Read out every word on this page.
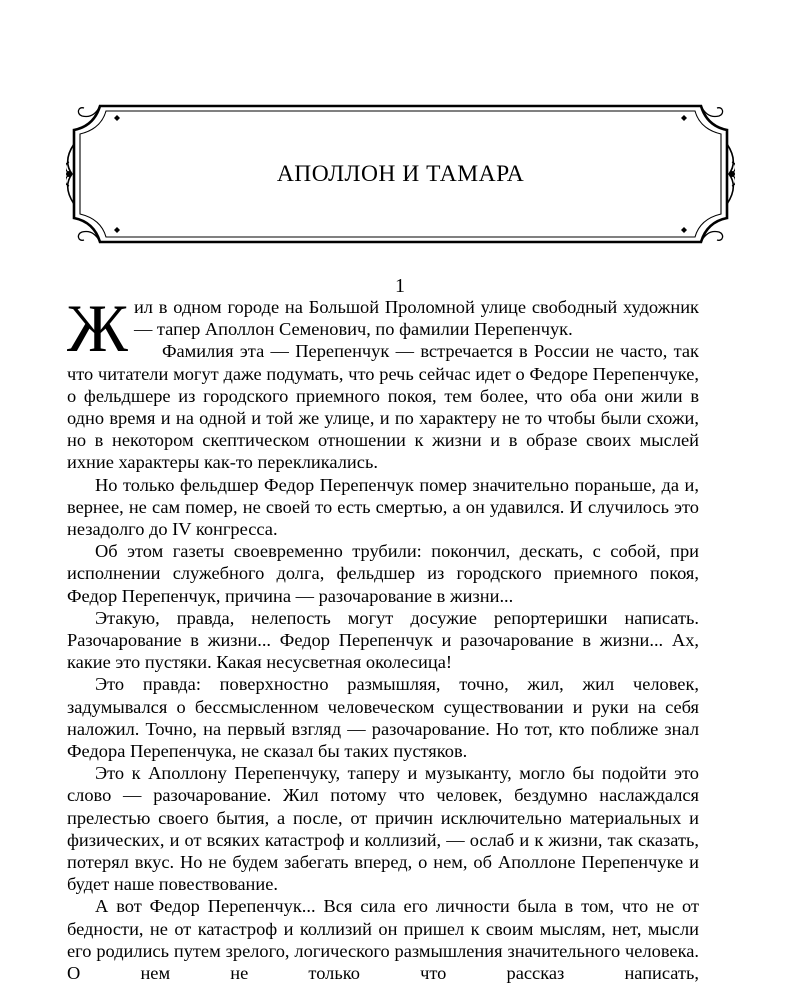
АПОЛЛОН И ТАМАРА
1
Жил в одном городе на Большой Проломной улице свободный художник — тапер Аполлон Семенович, по фамилии Перепенчук.
Фамилия эта — Перепенчук — встречается в России не часто, так что читатели могут даже подумать, что речь сейчас идет о Федоре Перепенчуке, о фельдшере из городского приемного покоя, тем более, что оба они жили в одно время и на одной и той же улице, и по характеру не то чтобы были схожи, но в некотором скептическом отношении к жизни и в образе своих мыслей ихние характеры как-то перекликались.
Но только фельдшер Федор Перепенчук помер значительно пораньше, да и, вернее, не сам помер, не своей то есть смертью, а он удавился. И случилось это незадолго до IV конгресса.
Об этом газеты своевременно трубили: покончил, дескать, с собой, при исполнении служебного долга, фельдшер из городского приемного покоя, Федор Перепенчук, причина — разочарование в жизни...
Этакую, правда, нелепость могут досужие репортеришки написать. Разочарование в жизни... Федор Перепенчук и разочарование в жизни... Ах, какие это пустяки. Какая несусветная околесица!
Это правда: поверхностно размышляя, точно, жил, жил человек, задумывался о бессмысленном человеческом существовании и руки на себя наложил. Точно, на первый взгляд — разочарование. Но тот, кто поближе знал Федора Перепенчука, не сказал бы таких пустяков.
Это к Аполлону Перепенчуку, таперу и музыканту, могло бы подойти это слово — разочарование. Жил потому что человек, бездумно наслаждался прелестью своего бытия, а после, от причин исключительно материальных и физических, и от всяких катастроф и коллизий, — ослаб и к жизни, так сказать, потерял вкус. Но не будем забегать вперед, о нем, об Аполлоне Перепенчуке и будет наше повествование.
А вот Федор Перепенчук... Вся сила его личности была в том, что не от бедности, не от катастроф и коллизий он пришел к своим мыслям, нет, мысли его родились путем зрелого, логического размышления значительного человека. О нем не только что рассказ написать,
